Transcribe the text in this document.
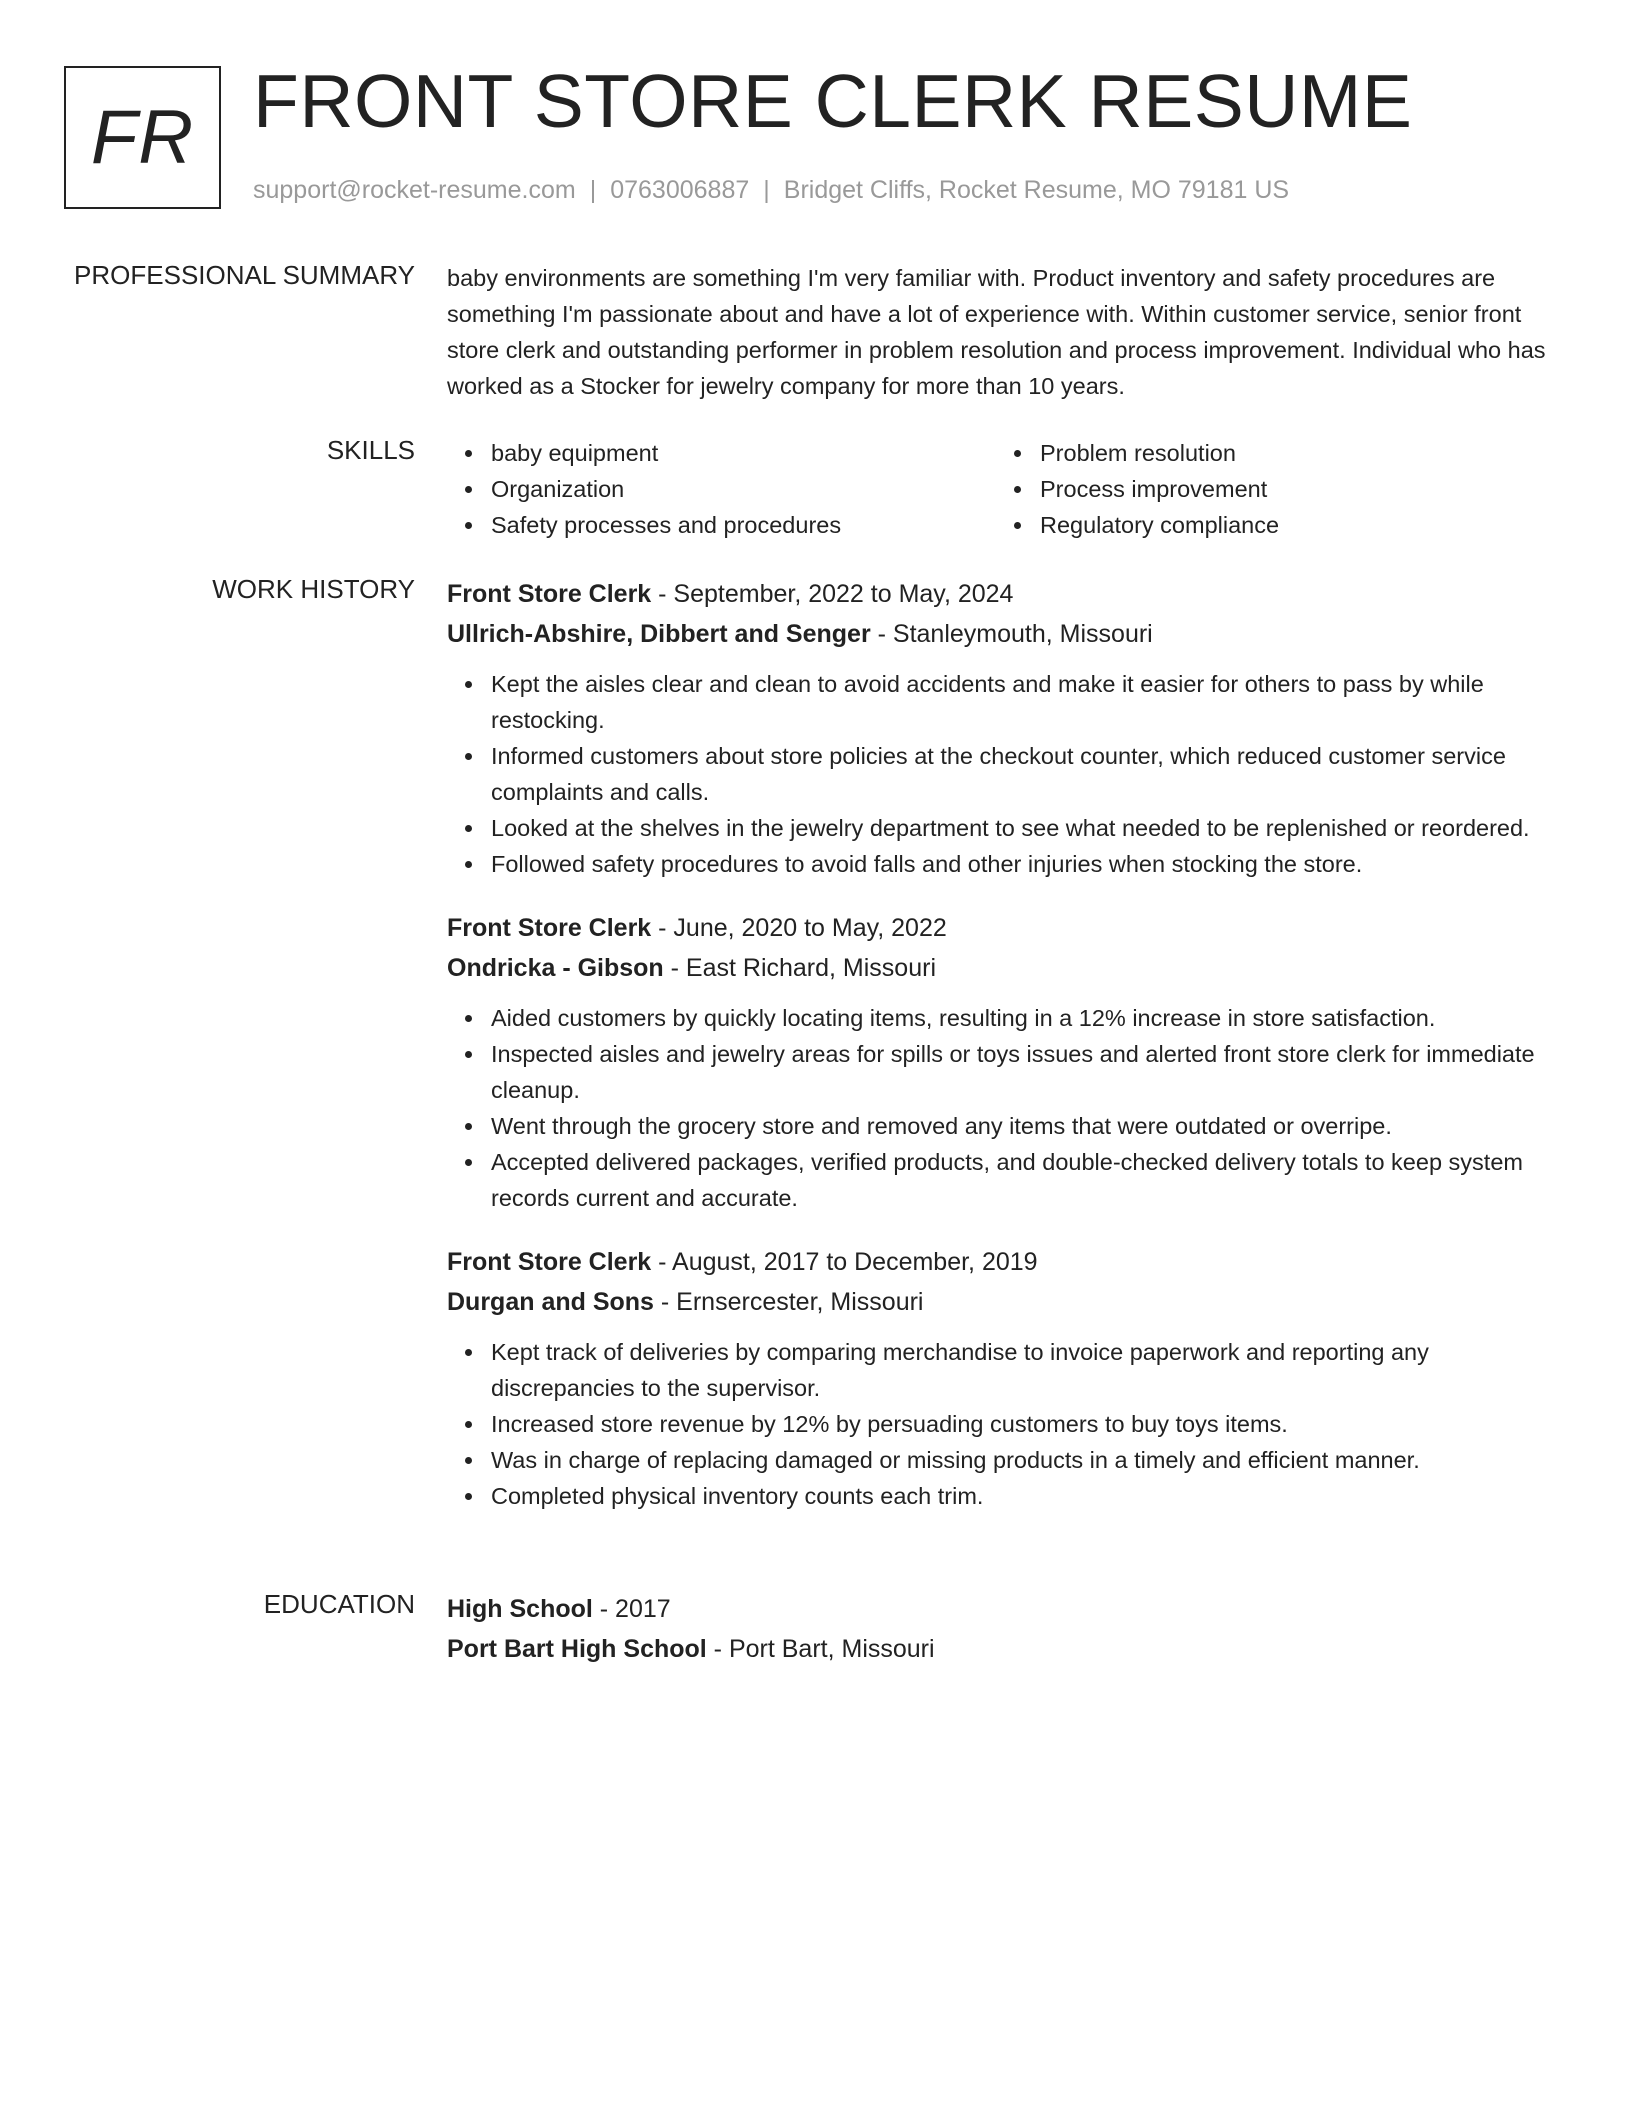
FR FRONT STORE CLERK RESUME
support@rocket-resume.com | 0763006887 | Bridget Cliffs, Rocket Resume, MO 79181 US
PROFESSIONAL SUMMARY baby environments are something I'm very familiar with. Product inventory and safety procedures are something I'm passionate about and have a lot of experience with. Within customer service, senior front store clerk and outstanding performer in problem resolution and process improvement. Individual who has worked as a Stocker for jewelry company for more than 10 years.

SKILLS	baby equipment
Organization
Safety processes and procedures
Problem resolution
Process improvement
Regulatory compliance
WORK HISTORY Front Store Clerk - September, 2022 to May, 2024
Ullrich-Abshire, Dibbert and Senger - Stanleymouth, Missouri
Kept the aisles clear and clean to avoid accidents and make it easier for others to pass by while restocking.
Informed customers about store policies at the checkout counter, which reduced customer service complaints and calls.
Looked at the shelves in the jewelry department to see what needed to be replenished or reordered.
Followed safety procedures to avoid falls and other injuries when stocking the store.
Front Store Clerk - June, 2020 to May, 2022
Ondricka - Gibson - East Richard, Missouri
Aided customers by quickly locating items, resulting in a 12% increase in store satisfaction.
Inspected aisles and jewelry areas for spills or toys issues and alerted front store clerk for immediate cleanup.
Went through the grocery store and removed any items that were outdated or overripe.
Accepted delivered packages, verified products, and double-checked delivery totals to keep system records current and accurate.
Front Store Clerk - August, 2017 to December, 2019
Durgan and Sons - Ernsercester, Missouri
Kept track of deliveries by comparing merchandise to invoice paperwork and reporting any discrepancies to the supervisor.
Increased store revenue by 12% by persuading customers to buy toys items.
Was in charge of replacing damaged or missing products in a timely and efficient manner.
Completed physical inventory counts each trim.
EDUCATION High School - 2017
Port Bart High School - Port Bart, Missouri
